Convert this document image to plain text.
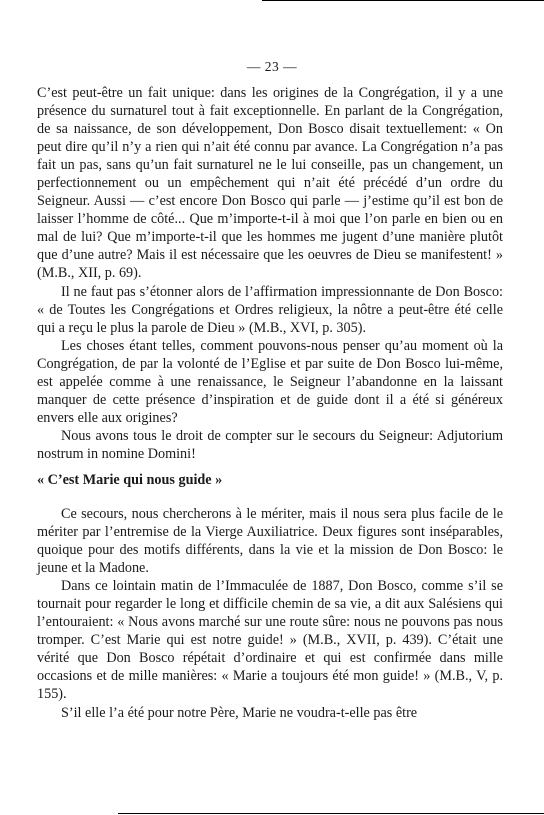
— 23 —

C’est peut-être un fait unique: dans les origines de la Congrégation, il y a une présence du surnaturel tout à fait exceptionnelle. En parlant de la Congrégation, de sa naissance, de son développement, Don Bosco disait textuellement: « On peut dire qu’il n’y a rien qui n’ait été connu par avance. La Congrégation n’a pas fait un pas, sans qu’un fait surnaturel ne le lui conseille, pas un changement, un perfectionnement ou un empêchement qui n’ait été précédé d’un ordre du Seigneur. Aussi — c’est encore Don Bosco qui parle — j’estime qu’il est bon de laisser l’homme de côté... Que m’importe-t-il à moi que l’on parle en bien ou en mal de lui? Que m’importe-t-il que les hommes me jugent d’une manière plutôt que d’une autre? Mais il est nécessaire que les oeuvres de Dieu se manifestent! » (M.B., XII, p. 69).

Il ne faut pas s’étonner alors de l’affirmation impressionnante de Don Bosco: « de Toutes les Congrégations et Ordres religieux, la nôtre a peut-être été celle qui a reçu le plus la parole de Dieu » (M.B., XVI, p. 305).

Les choses étant telles, comment pouvons-nous penser qu’au moment où la Congrégation, de par la volonté de l’Eglise et par suite de Don Bosco lui-même, est appelée comme à une renaissance, le Seigneur l’abandonne en la laissant manquer de cette présence d’inspiration et de guide dont il a été si généreux envers elle aux origines?

Nous avons tous le droit de compter sur le secours du Seigneur: Adjutorium nostrum in nomine Domini!

« C’est Marie qui nous guide »

Ce secours, nous chercherons à le mériter, mais il nous sera plus facile de le mériter par l’entremise de la Vierge Auxiliatrice. Deux figures sont inséparables, quoique pour des motifs différents, dans la vie et la mission de Don Bosco: le jeune et la Madone.

Dans ce lointain matin de l’Immaculée de 1887, Don Bosco, comme s’il se tournait pour regarder le long et difficile chemin de sa vie, a dit aux Salésiens qui l’entouraient: « Nous avons marché sur une route sûre: nous ne pouvons pas nous tromper. C’est Marie qui est notre guide! » (M.B., XVII, p. 439). C’était une vérité que Don Bosco répétait d’ordinaire et qui est confirmée dans mille occasions et de mille manières: « Marie a toujours été mon guide! » (M.B., V, p. 155).

S’il elle l’a été pour notre Père, Marie ne voudra-t-elle pas être
